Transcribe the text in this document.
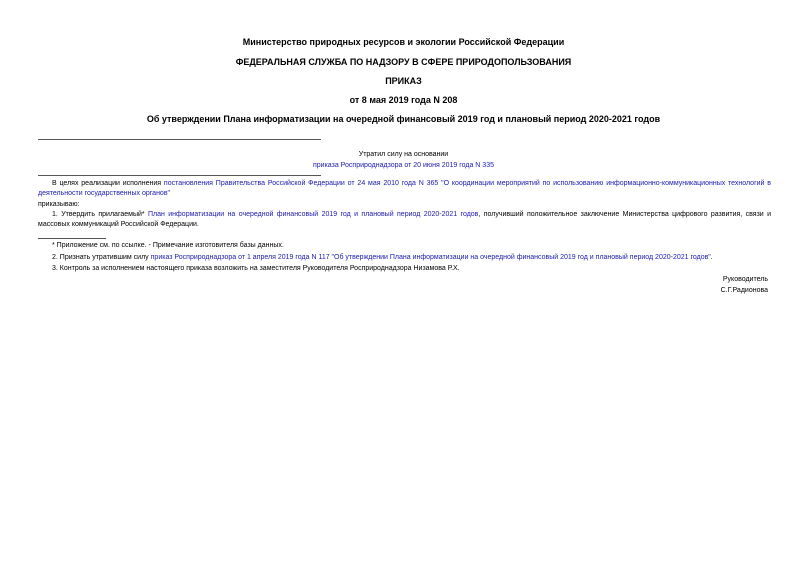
Министерство природных ресурсов и экологии Российской Федерации
ФЕДЕРАЛЬНАЯ СЛУЖБА ПО НАДЗОРУ В СФЕРЕ ПРИРОДОПОЛЬЗОВАНИЯ
ПРИКАЗ
от 8 мая 2019 года N 208
Об утверждении Плана информатизации на очередной финансовый 2019 год и плановый период 2020-2021 годов
Утратил силу на основании
приказа Росприроднадзора от 20 июня 2019 года N 335
В целях реализации исполнения постановления Правительства Российской Федерации от 24 мая 2010 года N 365 "О координации мероприятий по использованию информационно-коммуникационных технологий в деятельности государственных органов"
приказываю:
1. Утвердить прилагаемый* План информатизации на очередной финансовый 2019 год и плановый период 2020-2021 годов, получивший положительное заключение Министерства цифрового развития, связи и массовых коммуникаций Российской Федерации.
* Приложение см. по ссылке. - Примечание изготовителя базы данных.
2. Признать утратившим силу приказ Росприроднадзора от 1 апреля 2019 года N 117 "Об утверждении Плана информатизации на очередной финансовый 2019 год и плановый период 2020-2021 годов".
3. Контроль за исполнением настоящего приказа возложить на заместителя Руководителя Росприроднадзора Низамова Р.Х.
Руководитель
С.Г.Радионова
